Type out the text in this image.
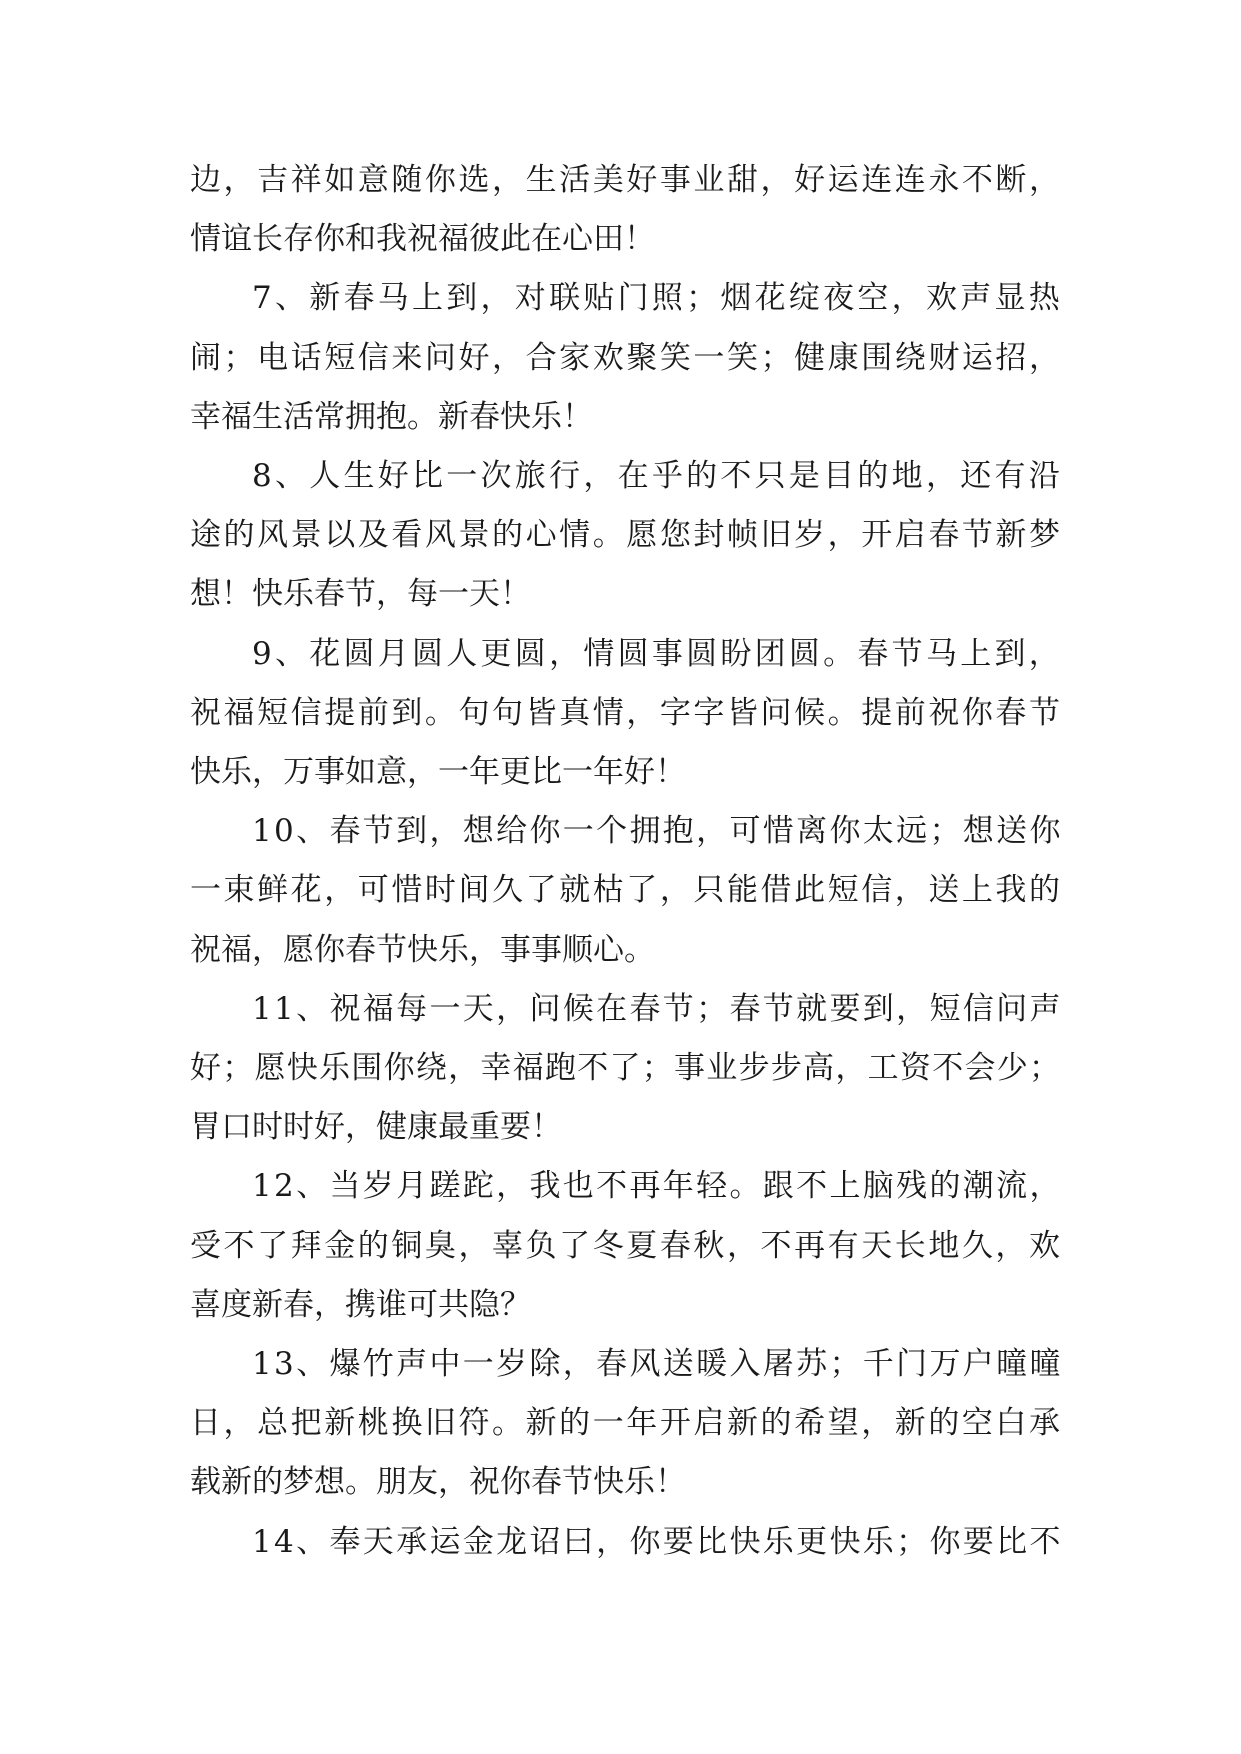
边，吉祥如意随你选，生活美好事业甜，好运连连永不断，

情谊长存你和我祝福彼此在心田！

7、新春马上到，对联贴门照；烟花绽夜空，欢声显热

闹；电话短信来问好，合家欢聚笑一笑；健康围绕财运招，

幸福生活常拥抱。新春快乐！

8、人生好比一次旅行，在乎的不只是目的地，还有沿

途的风景以及看风景的心情。愿您封帧旧岁，开启春节新梦

想！快乐春节，每一天！

9、花圆月圆人更圆，情圆事圆盼团圆。春节马上到，

祝福短信提前到。句句皆真情，字字皆问候。提前祝你春节

快乐，万事如意，一年更比一年好！

10、春节到，想给你一个拥抱，可惜离你太远；想送你

一束鲜花，可惜时间久了就枯了，只能借此短信，送上我的

祝福，愿你春节快乐，事事顺心。

11、祝福每一天，问候在春节；春节就要到，短信问声

好；愿快乐围你绕，幸福跑不了；事业步步高，工资不会少；

胃口时时好，健康最重要！

12、当岁月蹉跎，我也不再年轻。跟不上脑残的潮流，

受不了拜金的铜臭，辜负了冬夏春秋，不再有天长地久，欢

喜度新春，携谁可共隐？

13、爆竹声中一岁除，春风送暖入屠苏；千门万户曈曈

日，总把新桃换旧符。新的一年开启新的希望，新的空白承

载新的梦想。朋友，祝你春节快乐！

14、奉天承运金龙诏曰，你要比快乐更快乐；你要比不
